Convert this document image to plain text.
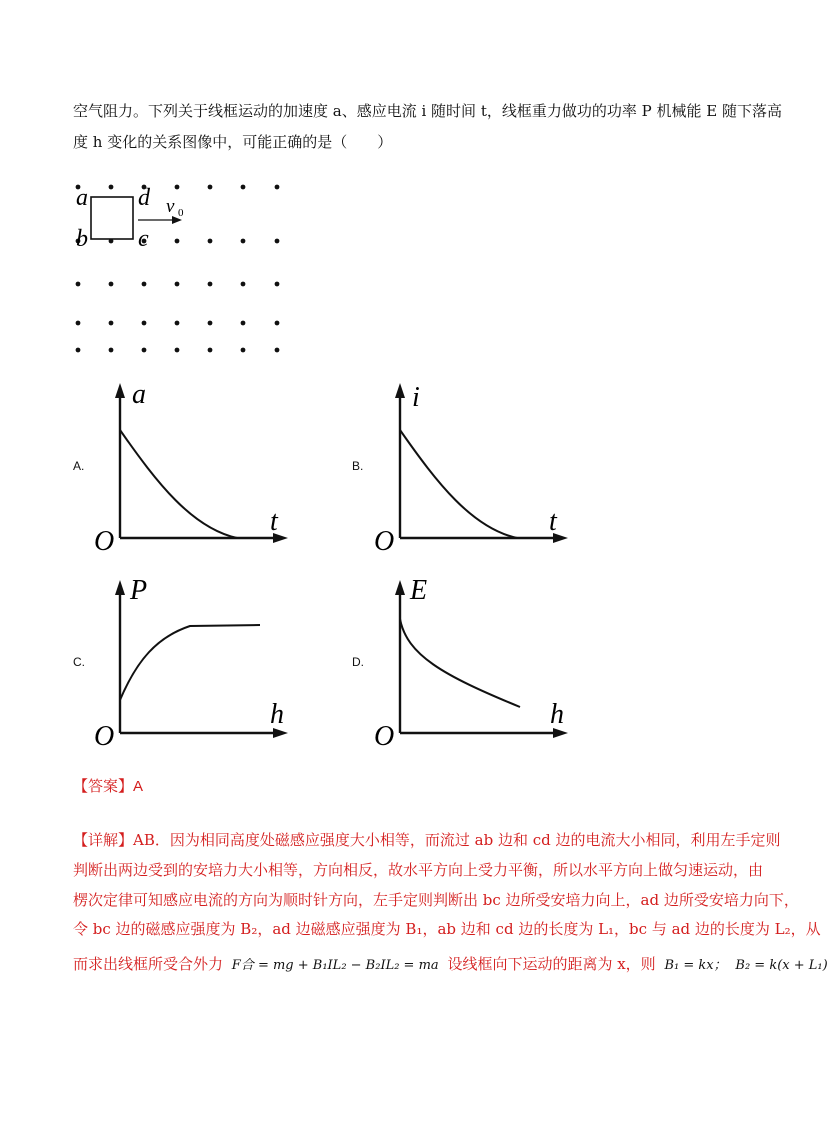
空气阻力。下列关于线框运动的加速度 a、感应电流 i 随时间 t，线框重力做功的功率 P 机械能 E 随下落高
度 h 变化的关系图像中，可能正确的是（　　）
a
b c
d v 0
A.	B.
C.	D.
a
t
O
i
t
O
P
h
O
E
h
O
【答案】A
【详解】AB．因为相同高度处磁感应强度大小相等，而流过 ab 边和 cd 边的电流大小相同，利用左手定则
判断出两边受到的安培力大小相等，方向相反，故水平方向上受力平衡，所以水平方向上做匀速运动，由
楞次定律可知感应电流的方向为顺时针方向，左手定则判断出 bc 边所受安培力向上，ad 边所受安培力向下，
令 bc 边的磁感应强度为 B₂，ad 边磁感应强度为 B₁，ab 边和 cd 边的长度为 L₁，bc 与 ad 边的长度为 L₂，从
而求出线框所受合外力 F合 = mg + B₁IL₂ − B₂IL₂ = ma 设线框向下运动的距离为 x，则 B₁ = kx； B₂ = k(x + L₁)
